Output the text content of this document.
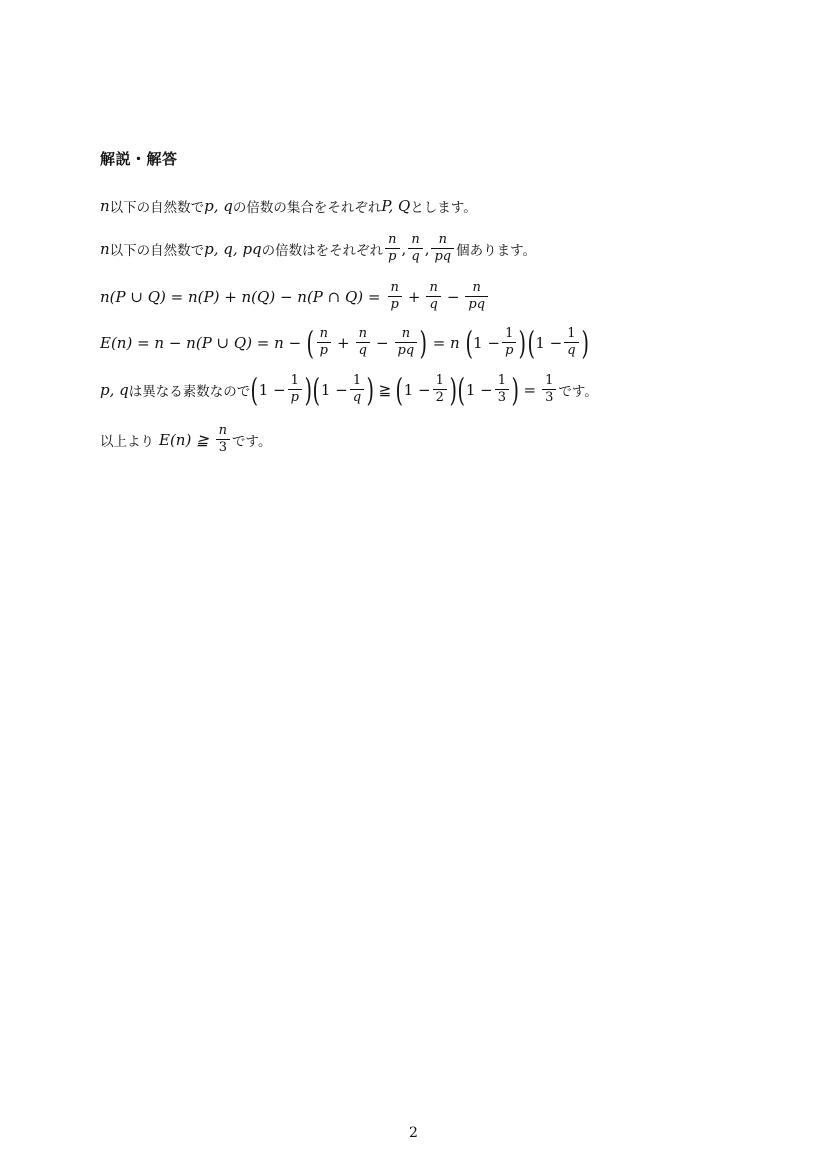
解説・解答
n 以下の自然数で p, q の倍数の集合をそれぞれ P, Q とします。
n 以下の自然数で p, q, pq の倍数はをそれぞれ $\frac{n}{p}$ , $\frac{n}{q}$ , $\frac{n}{pq}$ 個あります。
n(P ∪ Q) = n(P) + n(Q) − n(P ∩ $Q) = \frac{n}{p} + \frac{n}{q} - \frac{n}{pq}$
E(n) = n − n(P ∪ Q) = n − ( $\frac{n}{p} + \frac{n}{q} - \frac{n}{pq}$ ) = n ( $1 - \frac{1}{p}$ ) ( $1 - \frac{1}{q}$ )
p, q は異なる素数なので ( $1 - \frac{1}{p}$ ) ( $1 - \frac{1}{q}$ ) ≧ ( $1 - \frac{1}{2}$ ) ( $1 - \frac{1}{3}$ ) = $\frac{1}{3}$ です。
以上より E(n) ≧ $\frac{n}{3}$ です。
2
